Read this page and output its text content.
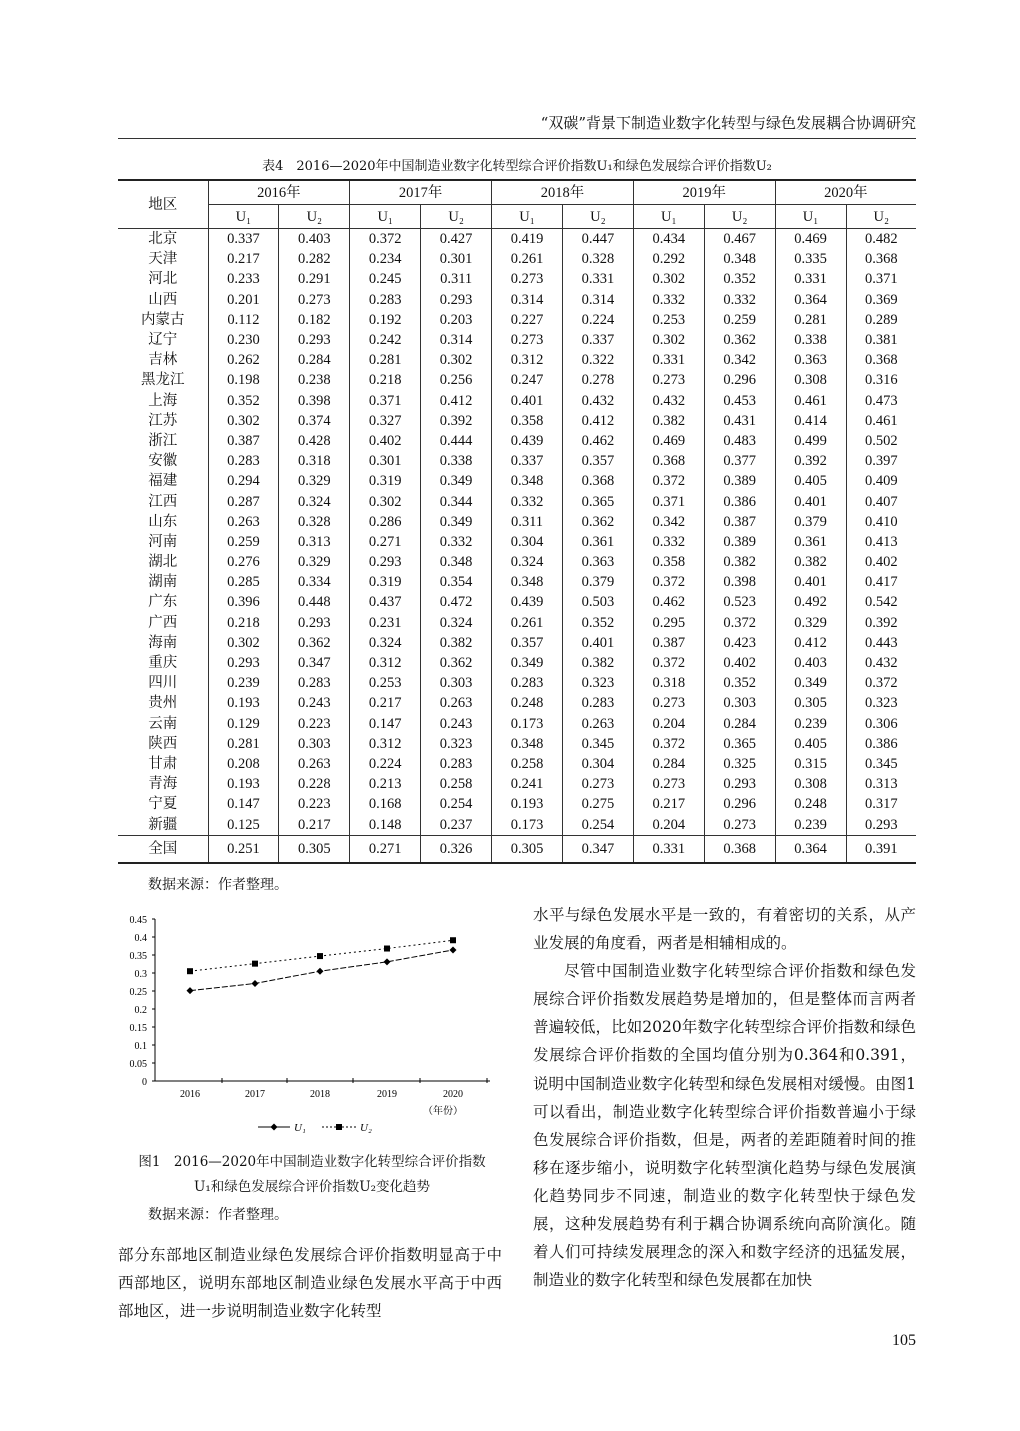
“双碳”背景下制造业数字化转型与绿色发展耦合协调研究
表4　2016—2020年中国制造业数字化转型综合评价指数U₁和绿色发展综合评价指数U₂
地区	2016年		2017年		2018年		2019年		2020年	
	U₁	U₂	U₁	U₂	U₁	U₂	U₁	U₂	U₁	U₂
北京	0.337	0.403	0.372	0.427	0.419	0.447	0.434	0.467	0.469	0.482
天津	0.217	0.282	0.234	0.301	0.261	0.328	0.292	0.348	0.335	0.368
河北	0.233	0.291	0.245	0.311	0.273	0.331	0.302	0.352	0.331	0.371
山西	0.201	0.273	0.283	0.293	0.314	0.314	0.332	0.332	0.364	0.369
内蒙古	0.112	0.182	0.192	0.203	0.227	0.224	0.253	0.259	0.281	0.289
辽宁	0.230	0.293	0.242	0.314	0.273	0.337	0.302	0.362	0.338	0.381
吉林	0.262	0.284	0.281	0.302	0.312	0.322	0.331	0.342	0.363	0.368
黑龙江	0.198	0.238	0.218	0.256	0.247	0.278	0.273	0.296	0.308	0.316
上海	0.352	0.398	0.371	0.412	0.401	0.432	0.432	0.453	0.461	0.473
江苏	0.302	0.374	0.327	0.392	0.358	0.412	0.382	0.431	0.414	0.461
浙江	0.387	0.428	0.402	0.444	0.439	0.462	0.469	0.483	0.499	0.502
安徽	0.283	0.318	0.301	0.338	0.337	0.357	0.368	0.377	0.392	0.397
福建	0.294	0.329	0.319	0.349	0.348	0.368	0.372	0.389	0.405	0.409
江西	0.287	0.324	0.302	0.344	0.332	0.365	0.371	0.386	0.401	0.407
山东	0.263	0.328	0.286	0.349	0.311	0.362	0.342	0.387	0.379	0.410
河南	0.259	0.313	0.271	0.332	0.304	0.361	0.332	0.389	0.361	0.413
湖北	0.276	0.329	0.293	0.348	0.324	0.363	0.358	0.382	0.382	0.402
湖南	0.285	0.334	0.319	0.354	0.348	0.379	0.372	0.398	0.401	0.417
广东	0.396	0.448	0.437	0.472	0.439	0.503	0.462	0.523	0.492	0.542
广西	0.218	0.293	0.231	0.324	0.261	0.352	0.295	0.372	0.329	0.392
海南	0.302	0.362	0.324	0.382	0.357	0.401	0.387	0.423	0.412	0.443
重庆	0.293	0.347	0.312	0.362	0.349	0.382	0.372	0.402	0.403	0.432
四川	0.239	0.283	0.253	0.303	0.283	0.323	0.318	0.352	0.349	0.372
贵州	0.193	0.243	0.217	0.263	0.248	0.283	0.273	0.303	0.305	0.323
云南	0.129	0.223	0.147	0.243	0.173	0.263	0.204	0.284	0.239	0.306
陕西	0.281	0.303	0.312	0.323	0.348	0.345	0.372	0.365	0.405	0.386
甘肃	0.208	0.263	0.224	0.283	0.258	0.304	0.284	0.325	0.315	0.345
青海	0.193	0.228	0.213	0.258	0.241	0.273	0.273	0.293	0.308	0.313
宁夏	0.147	0.223	0.168	0.254	0.193	0.275	0.217	0.296	0.248	0.317
新疆	0.125	0.217	0.148	0.237	0.173	0.254	0.204	0.273	0.239	0.293
全国	0.251	0.305	0.271	0.326	0.305	0.347	0.331	0.368	0.364	0.391
数据来源：作者整理。
0
0.05
0.1
0.15
0.2
0.25
0.3
0.35
0.4
0.45
2016	2017	2018	2019	2020
（年份）
U₁	U₂
图1　2016—2020年中国制造业数字化转型综合评价指数
U₁和绿色发展综合评价指数U₂变化趋势
数据来源：作者整理。
部分东部地区制造业绿色发展综合评价指数明显高于中西部地区，说明东部地区制造业绿色发展水平高于中西部地区，进一步说明制造业数字化转型
水平与绿色发展水平是一致的，有着密切的关系，从产业发展的角度看，两者是相辅相成的。
尽管中国制造业数字化转型综合评价指数和绿色发展综合评价指数发展趋势是增加的，但是整体而言两者普遍较低，比如2020年数字化转型综合评价指数和绿色发展综合评价指数的全国均值分别为0.364和0.391，说明中国制造业数字化转型和绿色发展相对缓慢。由图1可以看出，制造业数字化转型综合评价指数普遍小于绿色发展综合评价指数，但是，两者的差距随着时间的推移在逐步缩小，说明数字化转型演化趋势与绿色发展演化趋势同步不同速，制造业的数字化转型快于绿色发展，这种发展趋势有利于耦合协调系统向高阶演化。随着人们可持续发展理念的深入和数字经济的迅猛发展，制造业的数字化转型和绿色发展都在加快
105
